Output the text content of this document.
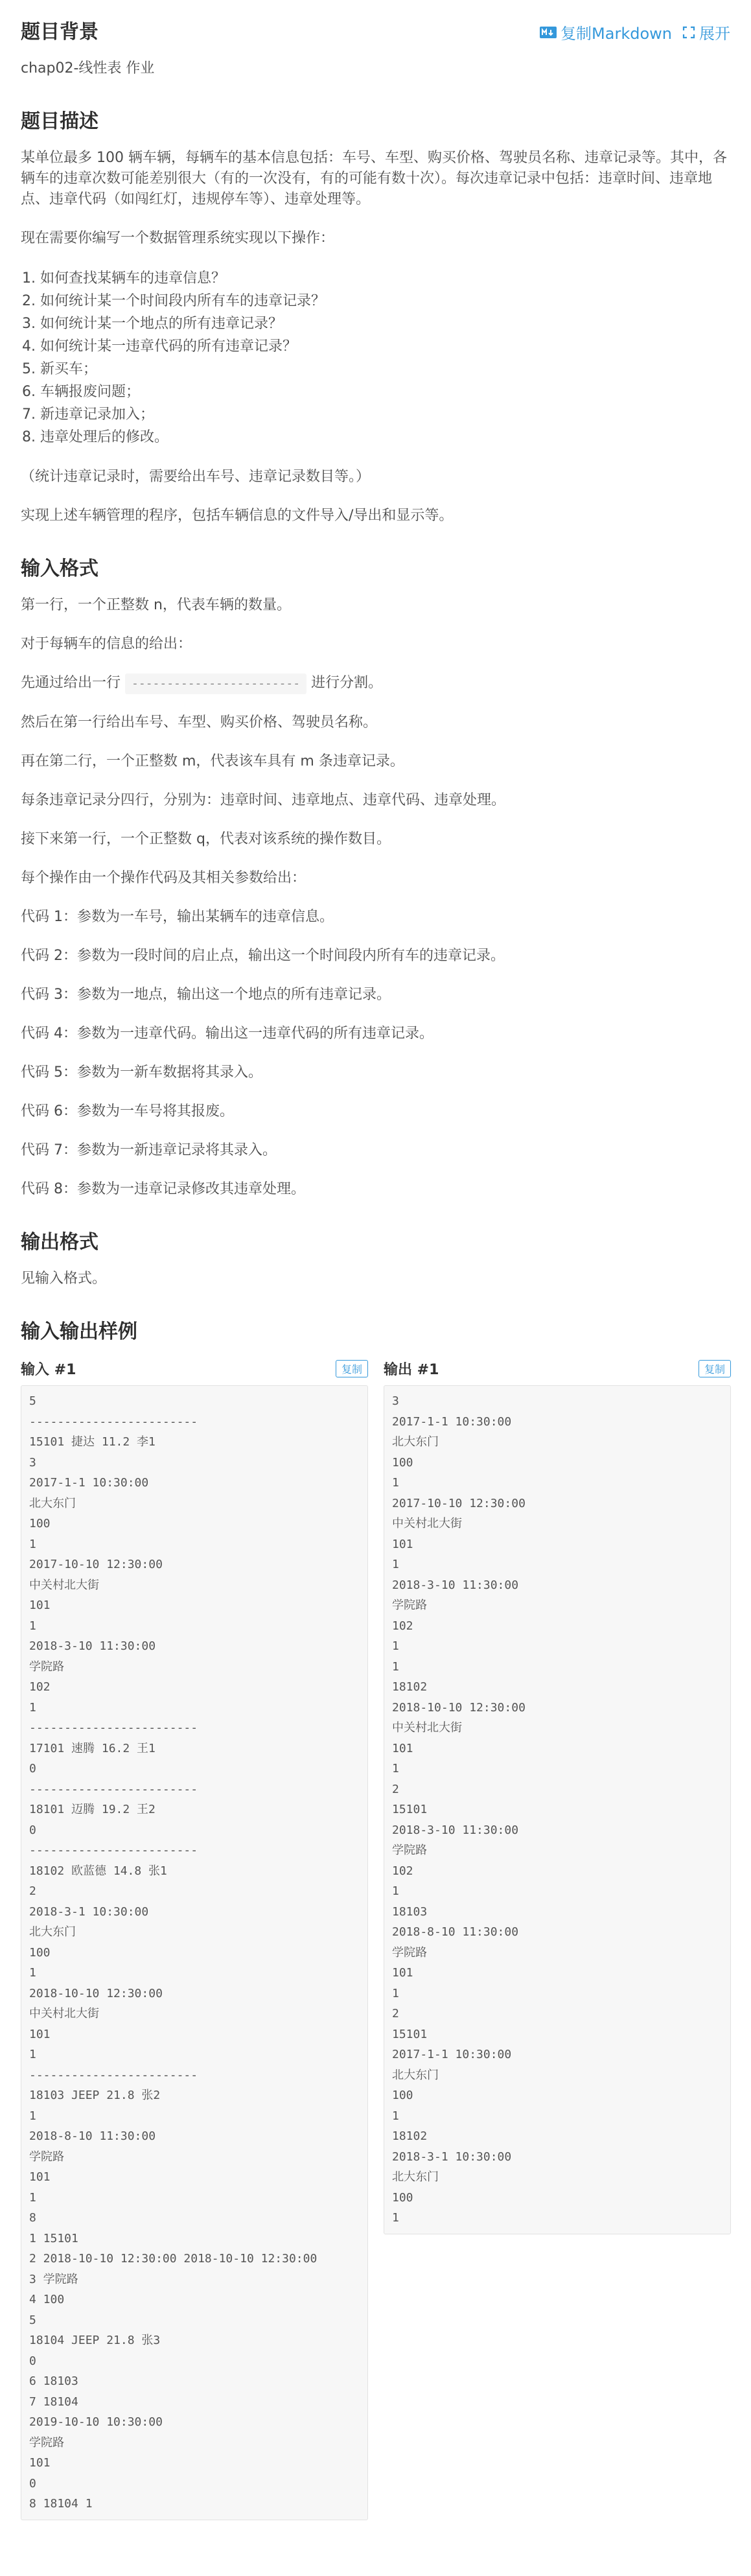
复制Markdown 展开
题目背景

chap02-线性表 作业

题目描述

某单位最多 100 辆车辆，每辆车的基本信息包括：车号、车型、购买价格、驾驶员名称、违章记录等。其中，各辆车的违章次数可能差别很大（有的一次没有，有的可能有数十次）。每次违章记录中包括：违章时间、违章地点、违章代码（如闯红灯，违规停车等）、违章处理等。

现在需要你编写一个数据管理系统实现以下操作：

1. 如何查找某辆车的违章信息？
2. 如何统计某一个时间段内所有车的违章记录？
3. 如何统计某一个地点的所有违章记录？
4. 如何统计某一违章代码的所有违章记录？
5. 新买车；
6. 车辆报废问题；
7. 新违章记录加入；
8. 违章处理后的修改。

（统计违章记录时，需要给出车号、违章记录数目等。）

实现上述车辆管理的程序，包括车辆信息的文件导入/导出和显示等。

输入格式

第一行，一个正整数 n，代表车辆的数量。

对于每辆车的信息的给出：

先通过给出一行 ------------------------ 进行分割。

然后在第一行给出车号、车型、购买价格、驾驶员名称。

再在第二行，一个正整数 m，代表该车具有 m 条违章记录。

每条违章记录分四行，分别为：违章时间、违章地点、违章代码、违章处理。

接下来第一行，一个正整数 q，代表对该系统的操作数目。

每个操作由一个操作代码及其相关参数给出：

代码 1：参数为一车号，输出某辆车的违章信息。

代码 2：参数为一段时间的启止点，输出这一个时间段内所有车的违章记录。

代码 3：参数为一地点，输出这一个地点的所有违章记录。

代码 4：参数为一违章代码。输出这一违章代码的所有违章记录。

代码 5：参数为一新车数据将其录入。

代码 6：参数为一车号将其报废。

代码 7：参数为一新违章记录将其录入。

代码 8：参数为一违章记录修改其违章处理。

输出格式

见输入格式。

输入输出样例
输入 #1	复制
5
------------------------
15101 捷达 11.2 李1
3
2017-1-1 10:30:00
北大东门
100
1
2017-10-10 12:30:00
中关村北大街
101
1
2018-3-10 11:30:00
学院路
102
1
------------------------
17101 速腾 16.2 王1
0
------------------------
18101 迈腾 19.2 王2
0
------------------------
18102 欧蓝德 14.8 张1
2
2018-3-1 10:30:00
北大东门
100
1
2018-10-10 12:30:00
中关村北大街
101
1
------------------------
18103 JEEP 21.8 张2
1
2018-8-10 11:30:00
学院路
101
1
8
1 15101
2 2018-10-10 12:30:00 2018-10-10 12:30:00
3 学院路
4 100
5
18104 JEEP 21.8 张3
0
6 18103
7 18104
2019-10-10 10:30:00
学院路
101
0
8 18104 1
输出 #1	复制
3
2017-1-1 10:30:00
北大东门
100
1
2017-10-10 12:30:00
中关村北大街
101
1
2018-3-10 11:30:00
学院路
102
1
1
18102
2018-10-10 12:30:00
中关村北大街
101
1
2
15101
2018-3-10 11:30:00
学院路
102
1
18103
2018-8-10 11:30:00
学院路
101
1
2
15101
2017-1-1 10:30:00
北大东门
100
1
18102
2018-3-1 10:30:00
北大东门
100
1
